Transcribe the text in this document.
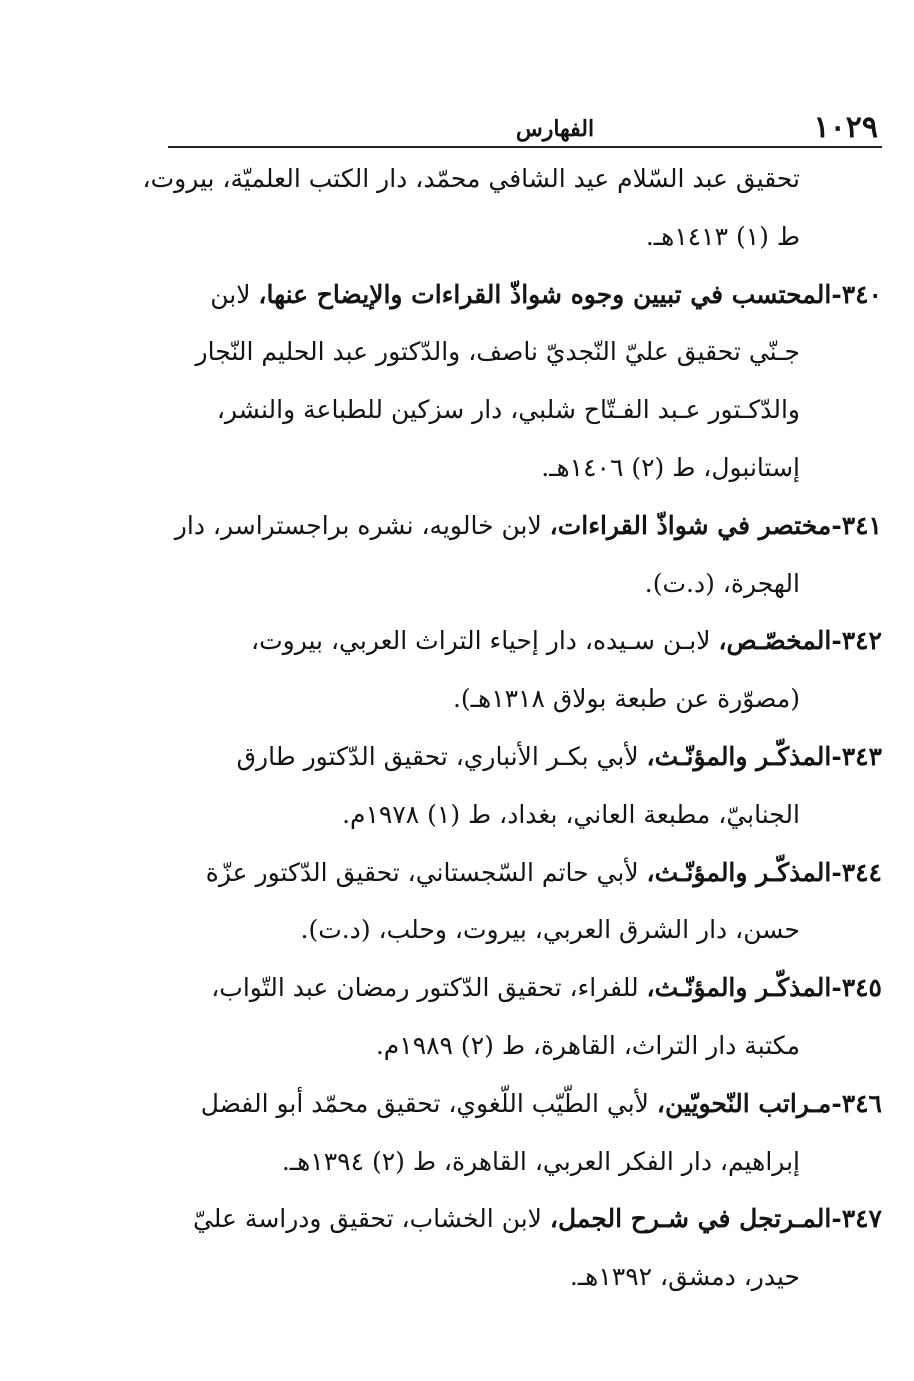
١٠٢٩
الفهارس
تحقيق عبد السّلام عيد الشافي محمّد، دار الكتب العلميّة، بيروت،
ط (١) ١٤١٣هـ.
٣٤٠-المحتسب في تبيين وجوه شواذّ القراءات والإيضاح عنها، لابن
جـنّي تحقيق عليّ النّجديّ ناصف، والدّكتور عبد الحليم النّجار
والدّكـتور عـبد الفـتّاح شلبي، دار سزكين للطباعة والنشر،
إستانبول، ط (٢) ١٤٠٦هـ.
٣٤١-مختصر في شواذّ القراءات، لابن خالويه، نشره براجستراسر، دار
الهجرة، (د.ت).
٣٤٢-المخصّـص، لابـن سـيده، دار إحياء التراث العربي، بيروت،
(مصوّرة عن طبعة بولاق ١٣١٨هـ).
٣٤٣-المذكّـر والمؤنّـث، لأبي بكـر الأنباري، تحقيق الدّكتور طارق
الجنابيّ، مطبعة العاني، بغداد، ط (١) ١٩٧٨م.
٣٤٤-المذكّـر والمؤنّـث، لأبي حاتم السّجستاني، تحقيق الدّكتور عزّة
حسن، دار الشرق العربي، بيروت، وحلب، (د.ت).
٣٤٥-المذكّـر والمؤنّـث، للفراء، تحقيق الدّكتور رمضان عبد التّواب،
مكتبة دار التراث، القاهرة، ط (٢) ١٩٨٩م.
٣٤٦-مـراتب النّحويّين، لأبي الطّيّب اللّغوي، تحقيق محمّد أبو الفضل
إبراهيم، دار الفكر العربي، القاهرة، ط (٢) ١٣٩٤هـ.
٣٤٧-المـرتجل في شـرح الجمل، لابن الخشاب، تحقيق ودراسة عليّ
حيدر، دمشق، ١٣٩٢هـ.
